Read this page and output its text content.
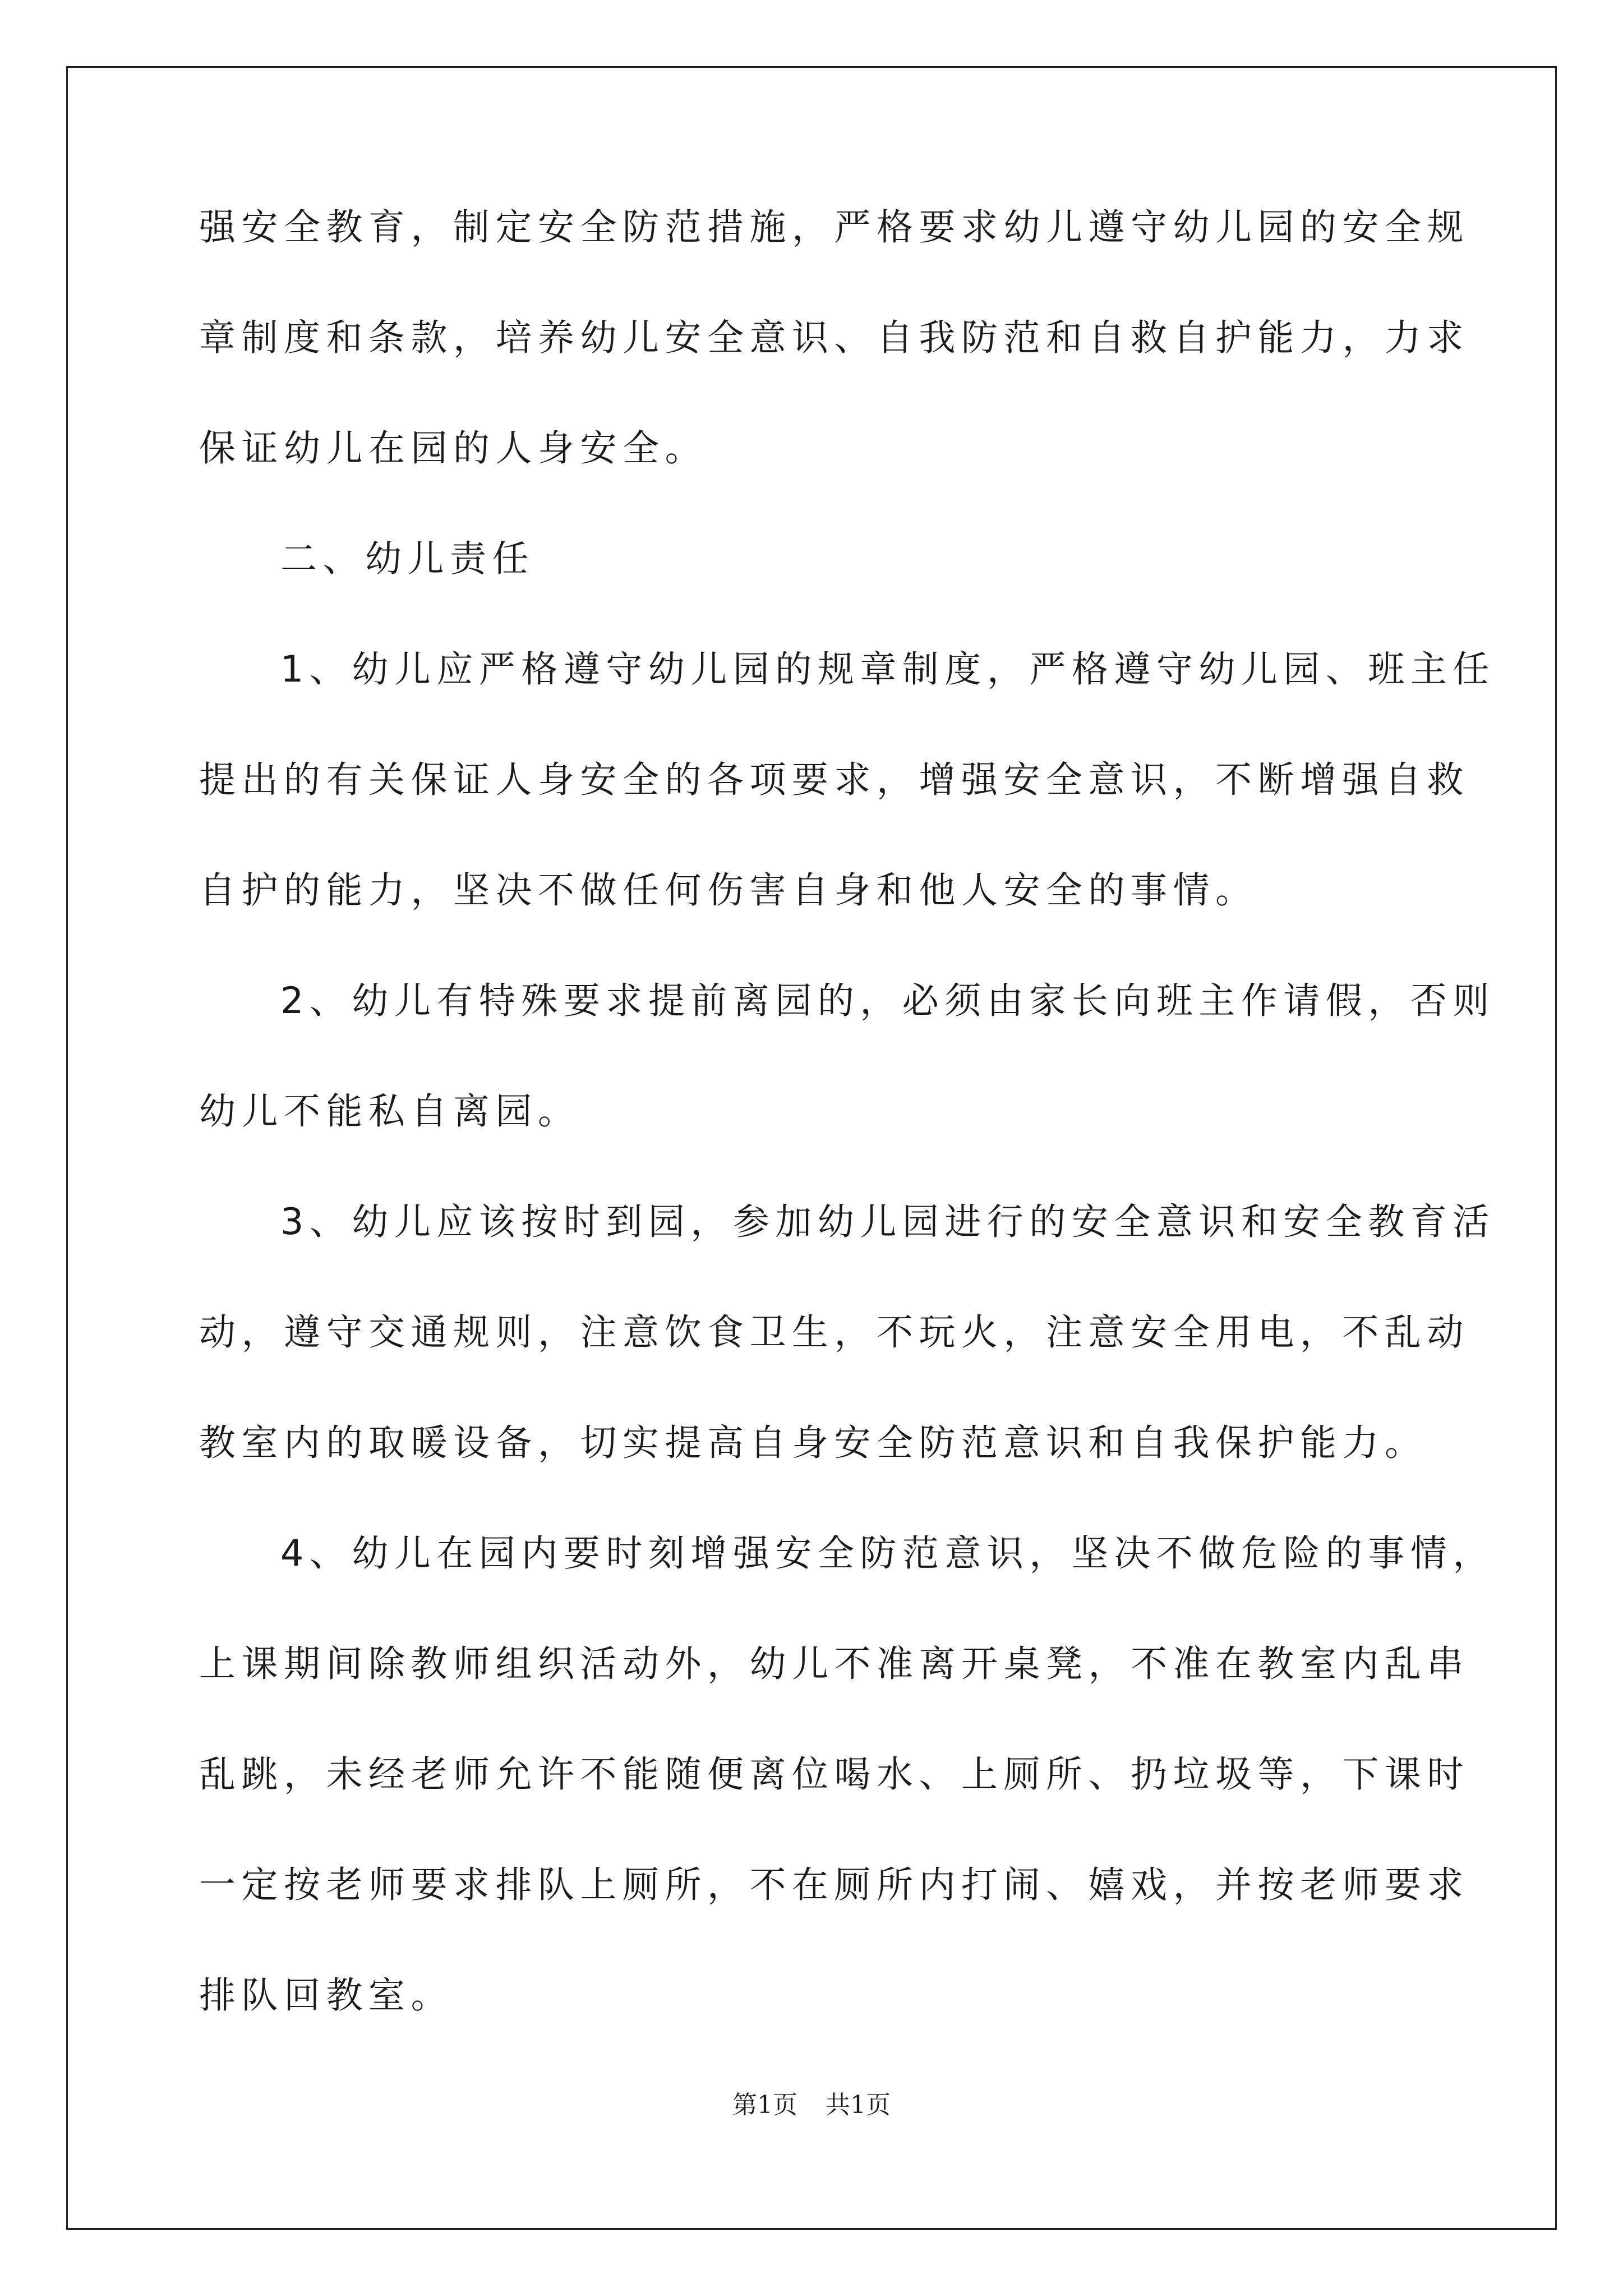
强安全教育，制定安全防范措施，严格要求幼儿遵守幼儿园的安全规
章制度和条款，培养幼儿安全意识、自我防范和自救自护能力，力求
保证幼儿在园的人身安全。
二、幼儿责任
1、幼儿应严格遵守幼儿园的规章制度，严格遵守幼儿园、班主任
提出的有关保证人身安全的各项要求，增强安全意识，不断增强自救
自护的能力，坚决不做任何伤害自身和他人安全的事情。
2、幼儿有特殊要求提前离园的，必须由家长向班主作请假，否则
幼儿不能私自离园。
3、幼儿应该按时到园，参加幼儿园进行的安全意识和安全教育活
动，遵守交通规则，注意饮食卫生，不玩火，注意安全用电，不乱动
教室内的取暖设备，切实提高自身安全防范意识和自我保护能力。
4、幼儿在园内要时刻增强安全防范意识，坚决不做危险的事情，
上课期间除教师组织活动外，幼儿不准离开桌凳，不准在教室内乱串
乱跳，未经老师允许不能随便离位喝水、上厕所、扔垃圾等，下课时
一定按老师要求排队上厕所，不在厕所内打闹、嬉戏，并按老师要求
排队回教室。
第1页 共1页
